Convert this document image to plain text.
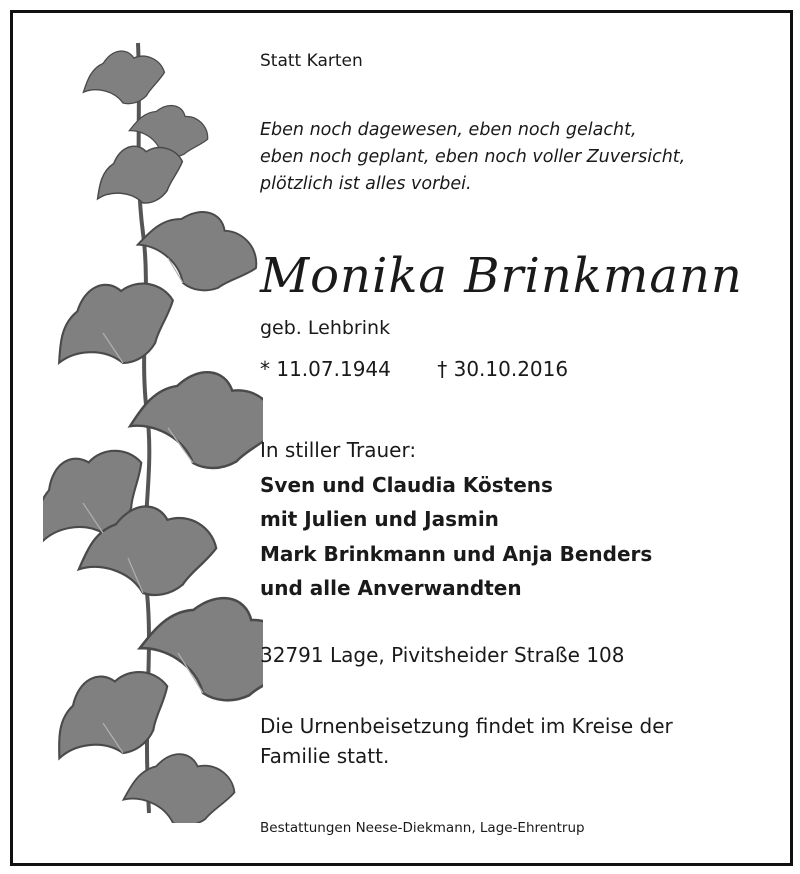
Statt Karten
Eben noch dagewesen, eben noch gelacht,
eben noch geplant, eben noch voller Zuversicht,
plötzlich ist alles vorbei.
Monika Brinkmann
geb. Lehbrink
* 11.07.1944 † 30.10.2016
In stiller Trauer:
Sven und Claudia Köstens
mit Julien und Jasmin
Mark Brinkmann und Anja Benders
und alle Anverwandten
32791 Lage, Pivitsheider Straße 108
Die Urnenbeisetzung findet im Kreise der Familie statt.
Bestattungen Neese-Diekmann, Lage-Ehrentrup
